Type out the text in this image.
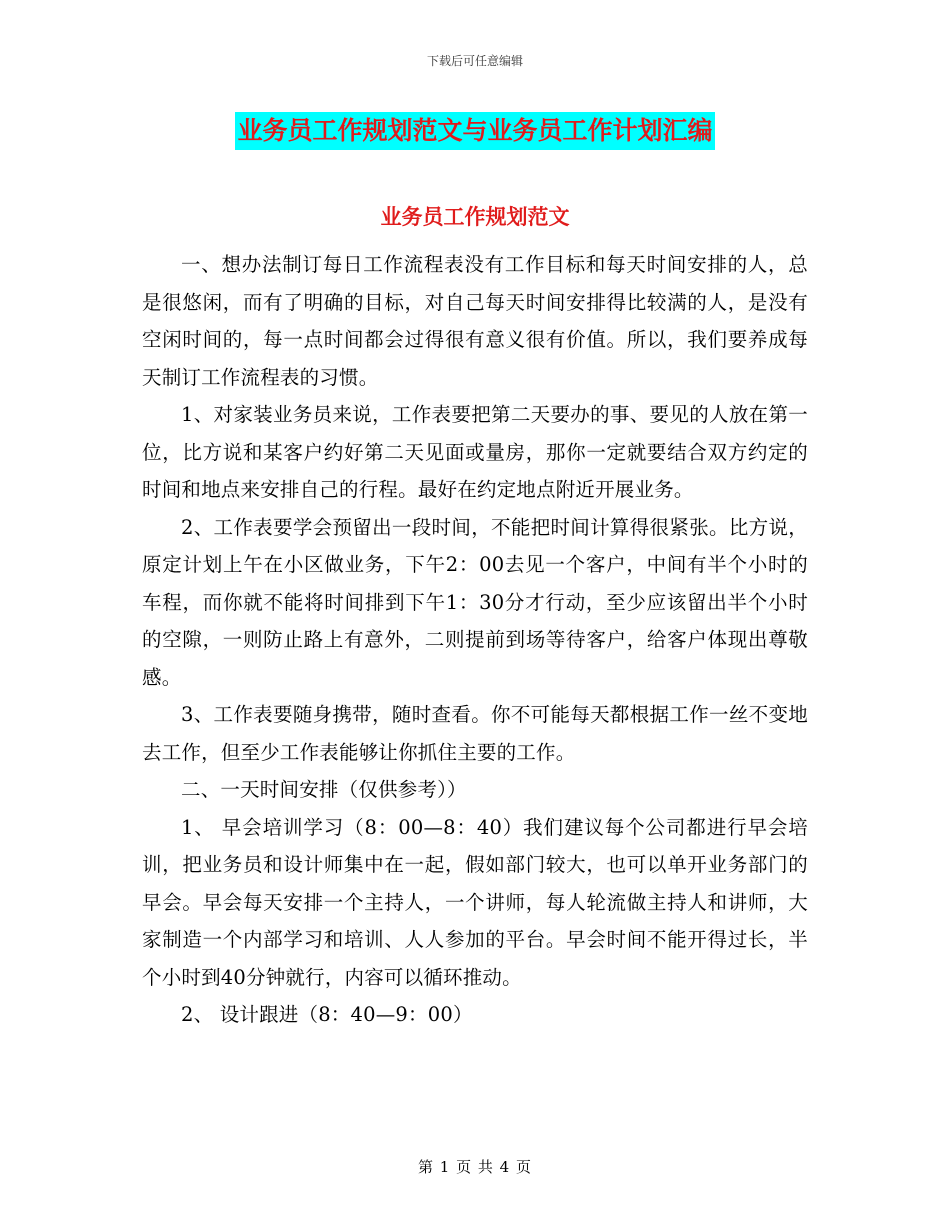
下载后可任意编辑
业务员工作规划范文与业务员工作计划汇编
业务员工作规划范文

一、想办法制订每日工作流程表没有工作目标和每天时间安排的人，总是很悠闲，而有了明确的目标，对自己每天时间安排得比较满的人，是没有空闲时间的，每一点时间都会过得很有意义很有价值。所以，我们要养成每天制订工作流程表的习惯。

1、对家装业务员来说，工作表要把第二天要办的事、要见的人放在第一位，比方说和某客户约好第二天见面或量房，那你一定就要结合双方约定的时间和地点来安排自己的行程。最好在约定地点附近开展业务。

2、工作表要学会预留出一段时间，不能把时间计算得很紧张。比方说，原定计划上午在小区做业务，下午2：00去见一个客户，中间有半个小时的车程，而你就不能将时间排到下午1：30分才行动，至少应该留出半个小时的空隙，一则防止路上有意外，二则提前到场等待客户，给客户体现出尊敬感。

3、工作表要随身携带，随时查看。你不可能每天都根据工作一丝不变地去工作，但至少工作表能够让你抓住主要的工作。

二、一天时间安排（仅供参考））

1、 早会培训学习（8：00—8：40）我们建议每个公司都进行早会培训，把业务员和设计师集中在一起，假如部门较大，也可以单开业务部门的早会。早会每天安排一个主持人，一个讲师，每人轮流做主持人和讲师，大家制造一个内部学习和培训、人人参加的平台。早会时间不能开得过长，半个小时到40分钟就行，内容可以循环推动。

2、 设计跟进（8：40—9：00）

第 1 页 共 4 页
